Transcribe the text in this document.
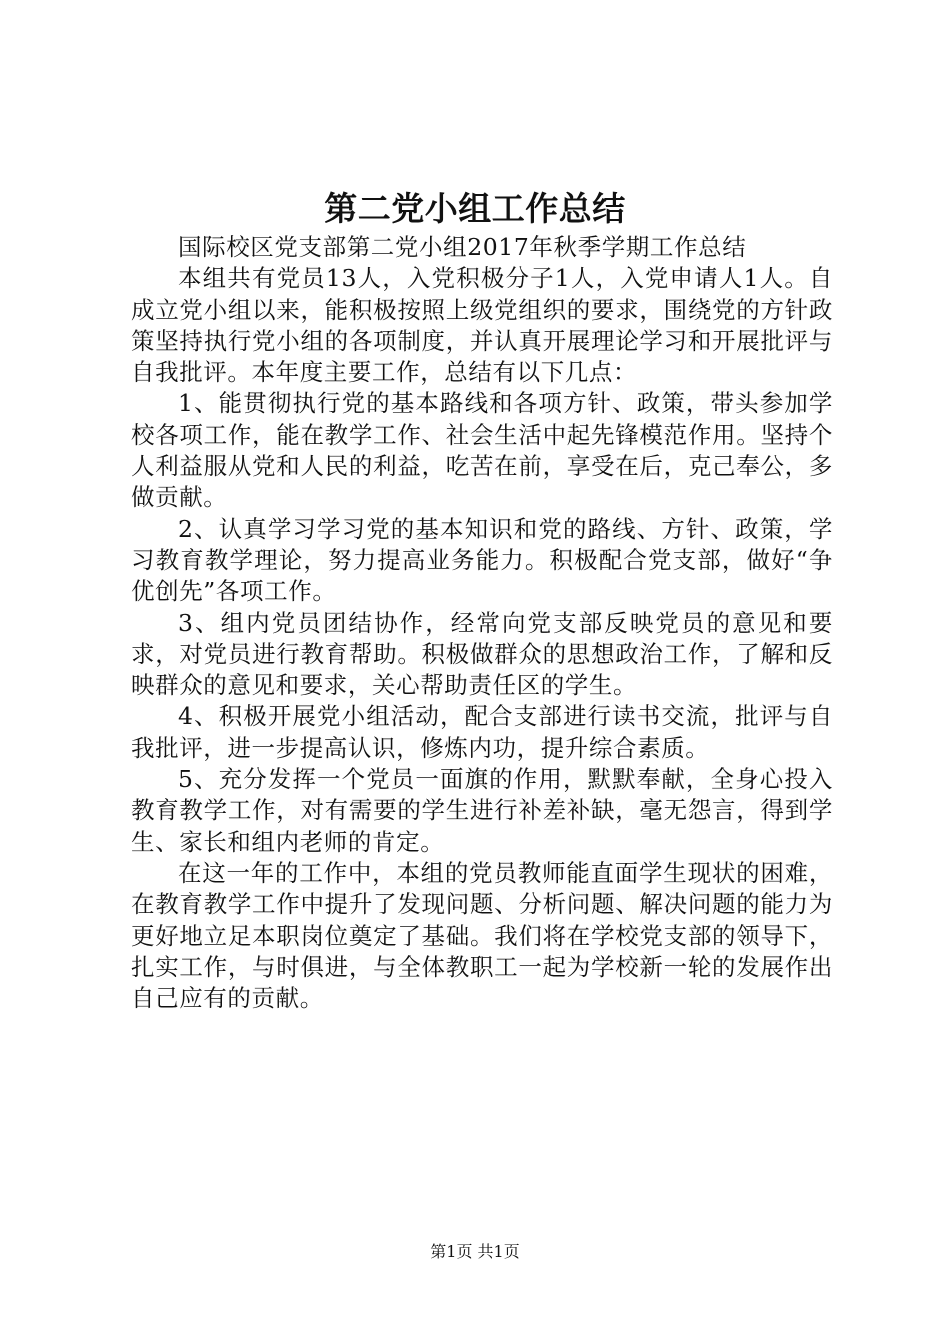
第二党小组工作总结

国际校区党支部第二党小组2017年秋季学期工作总结

本组共有党员13人，入党积极分子1人，入党申请人1人。自成立党小组以来，能积极按照上级党组织的要求，围绕党的方针政策坚持执行党小组的各项制度，并认真开展理论学习和开展批评与自我批评。本年度主要工作，总结有以下几点：

1、能贯彻执行党的基本路线和各项方针、政策，带头参加学校各项工作，能在教学工作、社会生活中起先锋模范作用。坚持个人利益服从党和人民的利益，吃苦在前，享受在后，克己奉公，多做贡献。

2、认真学习学习党的基本知识和党的路线、方针、政策，学习教育教学理论，努力提高业务能力。积极配合党支部，做好“争优创先”各项工作。

3、组内党员团结协作，经常向党支部反映党员的意见和要求，对党员进行教育帮助。积极做群众的思想政治工作，了解和反映群众的意见和要求，关心帮助责任区的学生。

4、积极开展党小组活动，配合支部进行读书交流，批评与自我批评，进一步提高认识，修炼内功，提升综合素质。

5、充分发挥一个党员一面旗的作用，默默奉献，全身心投入教育教学工作，对有需要的学生进行补差补缺，毫无怨言，得到学生、家长和组内老师的肯定。

在这一年的工作中，本组的党员教师能直面学生现状的困难，在教育教学工作中提升了发现问题、分析问题、解决问题的能力为更好地立足本职岗位奠定了基础。我们将在学校党支部的领导下，扎实工作，与时俱进，与全体教职工一起为学校新一轮的发展作出自己应有的贡献。

第1页 共1页
